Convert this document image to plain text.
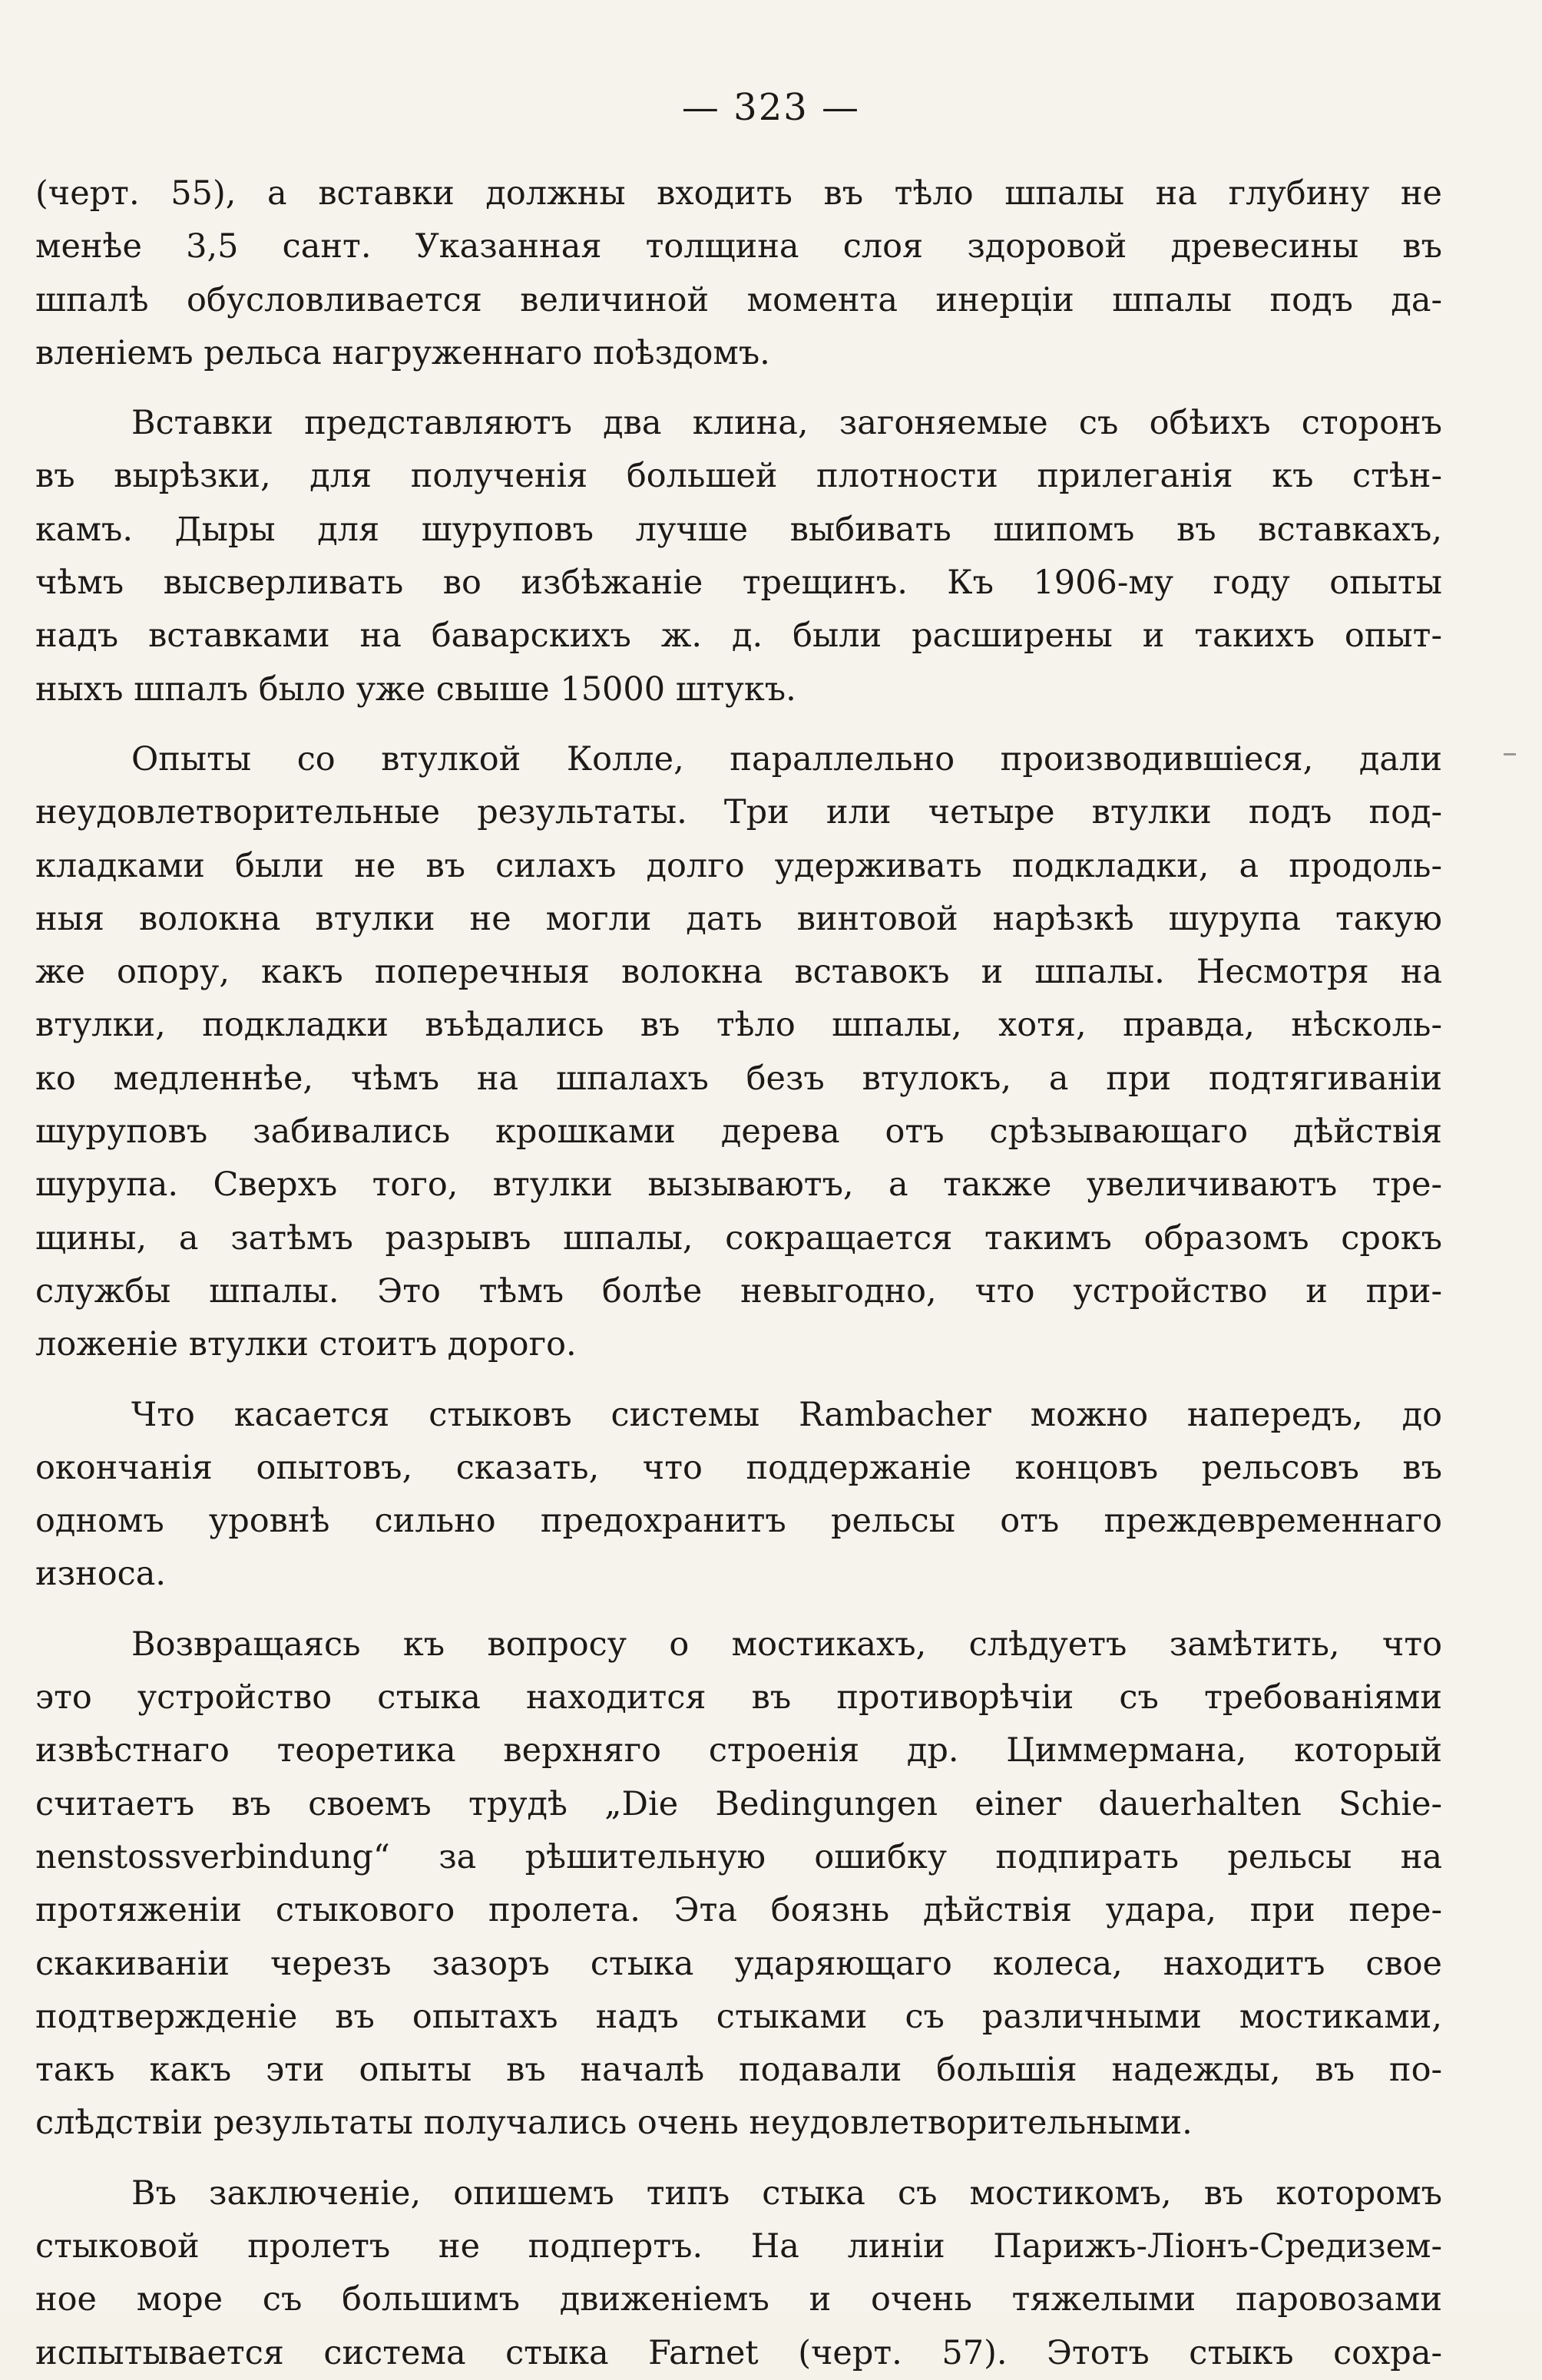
— 323 —
(черт. 55), а вставки должны входить въ тѣло шпалы на глубину не
менѣе 3,5 сант. Указанная толщина слоя здоровой древесины въ
шпалѣ обусловливается величиной момента инерціи шпалы подъ да-
вленіемъ рельса нагруженнаго поѣздомъ.
Вставки представляютъ два клина, загоняемые съ обѣихъ сторонъ
въ вырѣзки, для полученія большей плотности прилеганія къ стѣн-
камъ. Дыры для шуруповъ лучше выбивать шипомъ въ вставкахъ,
чѣмъ высверливать во избѣжаніе трещинъ. Къ 1906-му году опыты
надъ вставками на баварскихъ ж. д. были расширены и такихъ опыт-
ныхъ шпалъ было уже свыше 15000 штукъ.
Опыты со втулкой Колле, параллельно производившіеся, дали
неудовлетворительные результаты. Три или четыре втулки подъ под-
кладками были не въ силахъ долго удерживать подкладки, а продоль-
ныя волокна втулки не могли дать винтовой нарѣзкѣ шурупа такую
же опору, какъ поперечныя волокна вставокъ и шпалы. Несмотря на
втулки, подкладки въѣдались въ тѣло шпалы, хотя, правда, нѣсколь-
ко медленнѣе, чѣмъ на шпалахъ безъ втулокъ, а при подтягиваніи
шуруповъ забивались крошками дерева отъ срѣзывающаго дѣйствія
шурупа. Сверхъ того, втулки вызываютъ, а также увеличиваютъ тре-
щины, а затѣмъ разрывъ шпалы, сокращается такимъ образомъ срокъ
службы шпалы. Это тѣмъ болѣе невыгодно, что устройство и при-
ложеніе втулки стоитъ дорого.
Что касается стыковъ системы Rambacher можно напередъ, до
окончанія опытовъ, сказать, что поддержаніе концовъ рельсовъ въ
одномъ уровнѣ сильно предохранитъ рельсы отъ преждевременнаго
износа.
Возвращаясь къ вопросу о мостикахъ, слѣдуетъ замѣтить, что
это устройство стыка находится въ противорѣчіи съ требованіями
извѣстнаго теоретика верхняго строенія др. Циммермана, который
считаетъ въ своемъ трудѣ „Die Bedingungen einer dauerhalten Schie-
nenstossverbindung“ за рѣшительную ошибку подпирать рельсы на
протяженіи стыкового пролета. Эта боязнь дѣйствія удара, при пере-
скакиваніи черезъ зазоръ стыка ударяющаго колеса, находитъ свое
подтвержденіе въ опытахъ надъ стыками съ различными мостиками,
такъ какъ эти опыты въ началѣ подавали большія надежды, въ по-
слѣдствіи результаты получались очень неудовлетворительными.
Въ заключеніе, опишемъ типъ стыка съ мостикомъ, въ которомъ
стыковой пролетъ не подпертъ. На линіи Парижъ-Ліонъ-Средизем-
ное море съ большимъ движеніемъ и очень тяжелыми паровозами
испытывается система стыка Farnet (черт. 57). Этотъ стыкъ сохра-
